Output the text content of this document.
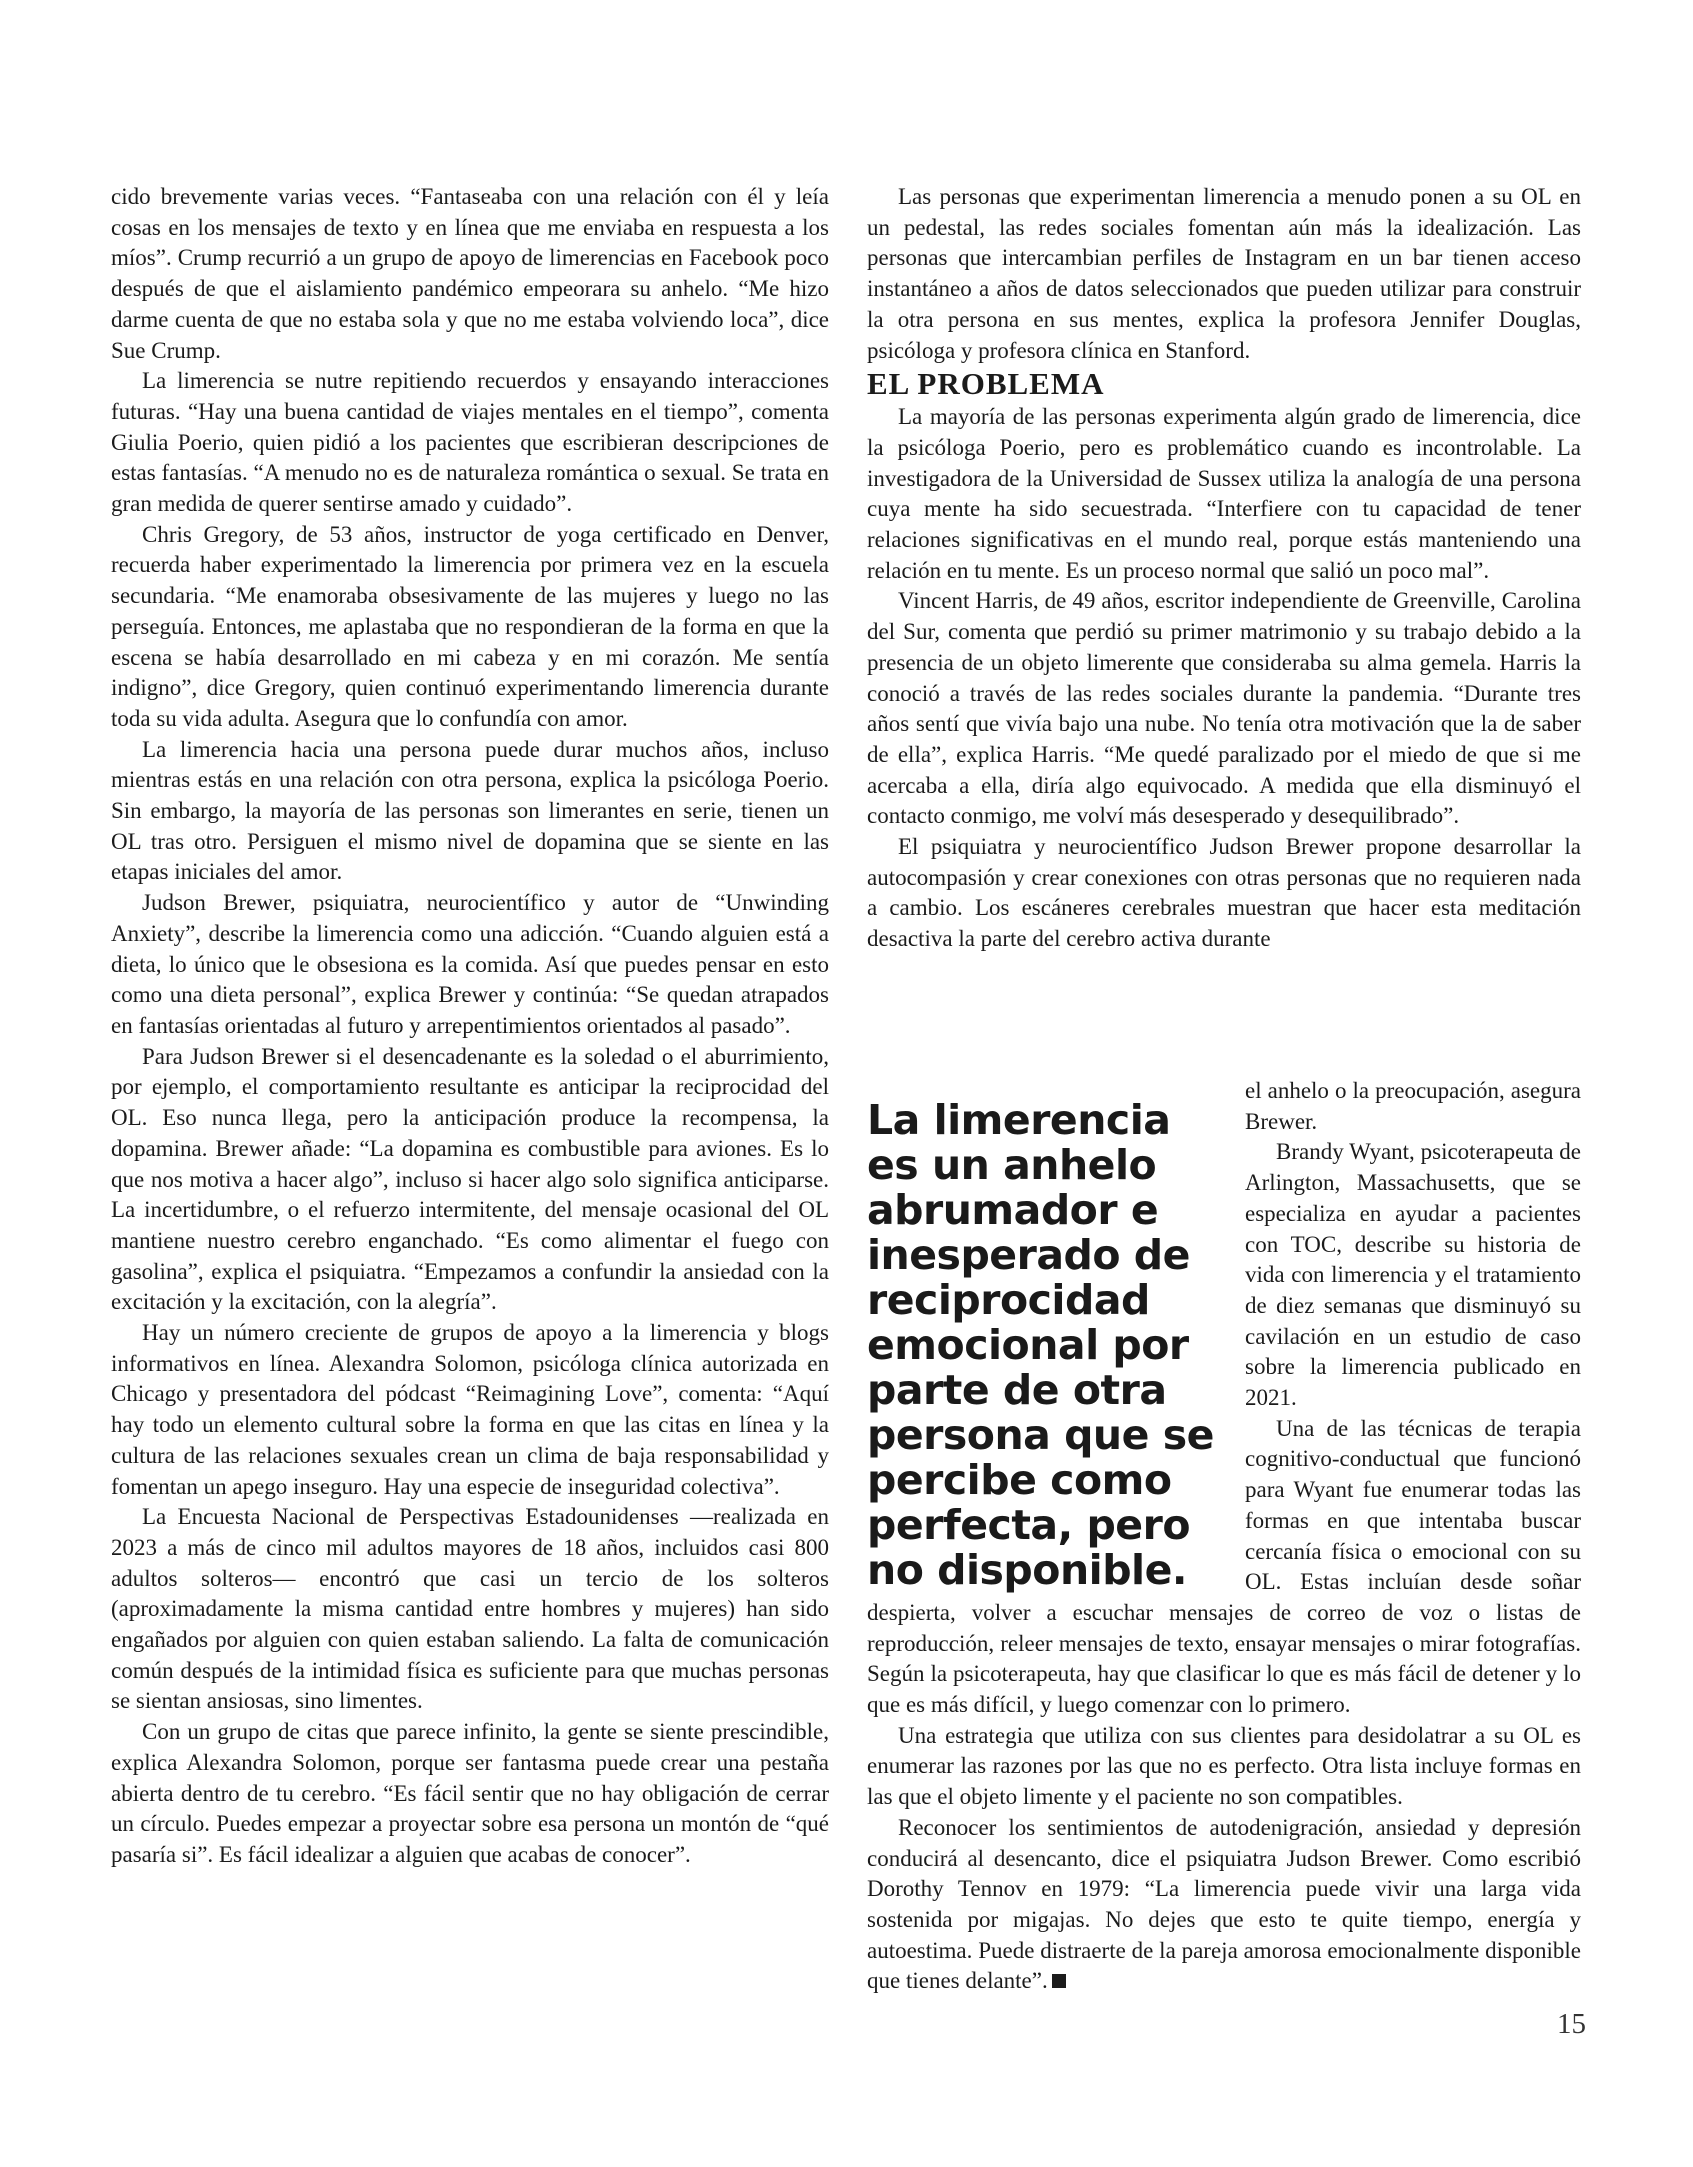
cido brevemente varias veces. “Fantaseaba con una relación con él y leía cosas en los mensajes de texto y en línea que me enviaba en respuesta a los míos”. Crump recurrió a un grupo de apoyo de limerencias en Facebook poco después de que el aislamiento pandémico empeorara su anhelo. “Me hizo darme cuenta de que no estaba sola y que no me estaba volviendo loca”, dice Sue Crump.

La limerencia se nutre repitiendo recuerdos y ensayando interacciones futuras. “Hay una buena cantidad de viajes mentales en el tiempo”, comenta Giulia Poerio, quien pidió a los pacientes que escribieran descripciones de estas fantasías. “A menudo no es de naturaleza romántica o sexual. Se trata en gran medida de querer sentirse amado y cuidado”.

Chris Gregory, de 53 años, instructor de yoga certificado en Denver, recuerda haber experimentado la limerencia por primera vez en la escuela secundaria. “Me enamoraba obsesivamente de las mujeres y luego no las perseguía. Entonces, me aplastaba que no respondieran de la forma en que la escena se había desarrollado en mi cabeza y en mi corazón. Me sentía indigno”, dice Gregory, quien continuó experimentando limerencia durante toda su vida adulta. Asegura que lo confundía con amor.

La limerencia hacia una persona puede durar muchos años, incluso mientras estás en una relación con otra persona, explica la psicóloga Poerio. Sin embargo, la mayoría de las personas son limerantes en serie, tienen un OL tras otro. Persiguen el mismo nivel de dopamina que se siente en las etapas iniciales del amor.

Judson Brewer, psiquiatra, neurocientífico y autor de “Unwinding Anxiety”, describe la limerencia como una adicción. “Cuando alguien está a dieta, lo único que le obsesiona es la comida. Así que puedes pensar en esto como una dieta personal”, explica Brewer y continúa: “Se quedan atrapados en fantasías orientadas al futuro y arrepentimientos orientados al pasado”.

Para Judson Brewer si el desencadenante es la soledad o el aburrimiento, por ejemplo, el comportamiento resultante es anticipar la reciprocidad del OL. Eso nunca llega, pero la anticipación produce la recompensa, la dopamina. Brewer añade: “La dopamina es combustible para aviones. Es lo que nos motiva a hacer algo”, incluso si hacer algo solo significa anticiparse. La incertidumbre, o el refuerzo intermitente, del mensaje ocasional del OL mantiene nuestro cerebro enganchado. “Es como alimentar el fuego con gasolina”, explica el psiquiatra. “Empezamos a confundir la ansiedad con la excitación y la excitación, con la alegría”.

Hay un número creciente de grupos de apoyo a la limerencia y blogs informativos en línea. Alexandra Solomon, psicóloga clínica autorizada en Chicago y presentadora del pódcast “Reimagining Love”, comenta: “Aquí hay todo un elemento cultural sobre la forma en que las citas en línea y la cultura de las relaciones sexuales crean un clima de baja responsabilidad y fomentan un apego inseguro. Hay una especie de inseguridad colectiva”.

La Encuesta Nacional de Perspectivas Estadounidenses —realizada en 2023 a más de cinco mil adultos mayores de 18 años, incluidos casi 800 adultos solteros— encontró que casi un tercio de los solteros (aproximadamente la misma cantidad entre hombres y mujeres) han sido engañados por alguien con quien estaban saliendo. La falta de comunicación común después de la intimidad física es suficiente para que muchas personas se sientan ansiosas, sino limentes.

Con un grupo de citas que parece infinito, la gente se siente prescindible, explica Alexandra Solomon, porque ser fantasma puede crear una pestaña abierta dentro de tu cerebro. “Es fácil sentir que no hay obligación de cerrar un círculo. Puedes empezar a proyectar sobre esa persona un montón de “qué pasaría si”. Es fácil idealizar a alguien que acabas de conocer”.

Las personas que experimentan limerencia a menudo ponen a su OL en un pedestal, las redes sociales fomentan aún más la idealización. Las personas que intercambian perfiles de Instagram en un bar tienen acceso instantáneo a años de datos seleccionados que pueden utilizar para construir la otra persona en sus mentes, explica la profesora Jennifer Douglas, psicóloga y profesora clínica en Stanford.

EL PROBLEMA

La mayoría de las personas experimenta algún grado de limerencia, dice la psicóloga Poerio, pero es problemático cuando es incontrolable. La investigadora de la Universidad de Sussex utiliza la analogía de una persona cuya mente ha sido secuestrada. “Interfiere con tu capacidad de tener relaciones significativas en el mundo real, porque estás manteniendo una relación en tu mente. Es un proceso normal que salió un poco mal”.

Vincent Harris, de 49 años, escritor independiente de Greenville, Carolina del Sur, comenta que perdió su primer matrimonio y su trabajo debido a la presencia de un objeto limerente que consideraba su alma gemela. Harris la conoció a través de las redes sociales durante la pandemia. “Durante tres años sentí que vivía bajo una nube. No tenía otra motivación que la de saber de ella”, explica Harris. “Me quedé paralizado por el miedo de que si me acercaba a ella, diría algo equivocado. A medida que ella disminuyó el contacto conmigo, me volví más desesperado y desequilibrado”.

El psiquiatra y neurocientífico Judson Brewer propone desarrollar la autocompasión y crear conexiones con otras personas que no requieren nada a cambio. Los escáneres cerebrales muestran que hacer esta meditación desactiva la parte del cerebro activa durante

La limerencia es un anhelo abrumador e inesperado de reciprocidad emocional por parte de otra persona que se percibe como perfecta, pero no disponible.

el anhelo o la preocupación, asegura Brewer.

Brandy Wyant, psicoterapeuta de Arlington, Massachusetts, que se especializa en ayudar a pacientes con TOC, describe su historia de vida con limerencia y el tratamiento de diez semanas que disminuyó su cavilación en un estudio de caso sobre la limerencia publicado en 2021.

Una de las técnicas de terapia cognitivo-conductual que funcionó para Wyant fue enumerar todas las formas en que intentaba buscar cercanía física o emocional con su OL. Estas incluían desde soñar despierta, volver a escuchar mensajes de correo de voz o listas de reproducción, releer mensajes de texto, ensayar mensajes o mirar fotografías. Según la psicoterapeuta, hay que clasificar lo que es más fácil de detener y lo que es más difícil, y luego comenzar con lo primero.

Una estrategia que utiliza con sus clientes para desidolatrar a su OL es enumerar las razones por las que no es perfecto. Otra lista incluye formas en las que el objeto limente y el paciente no son compatibles.

Reconocer los sentimientos de autodenigración, ansiedad y depresión conducirá al desencanto, dice el psiquiatra Judson Brewer. Como escribió Dorothy Tennov en 1979: “La limerencia puede vivir una larga vida sostenida por migajas. No dejes que esto te quite tiempo, energía y autoestima. Puede distraerte de la pareja amorosa emocionalmente disponible que tienes delante”.

15
